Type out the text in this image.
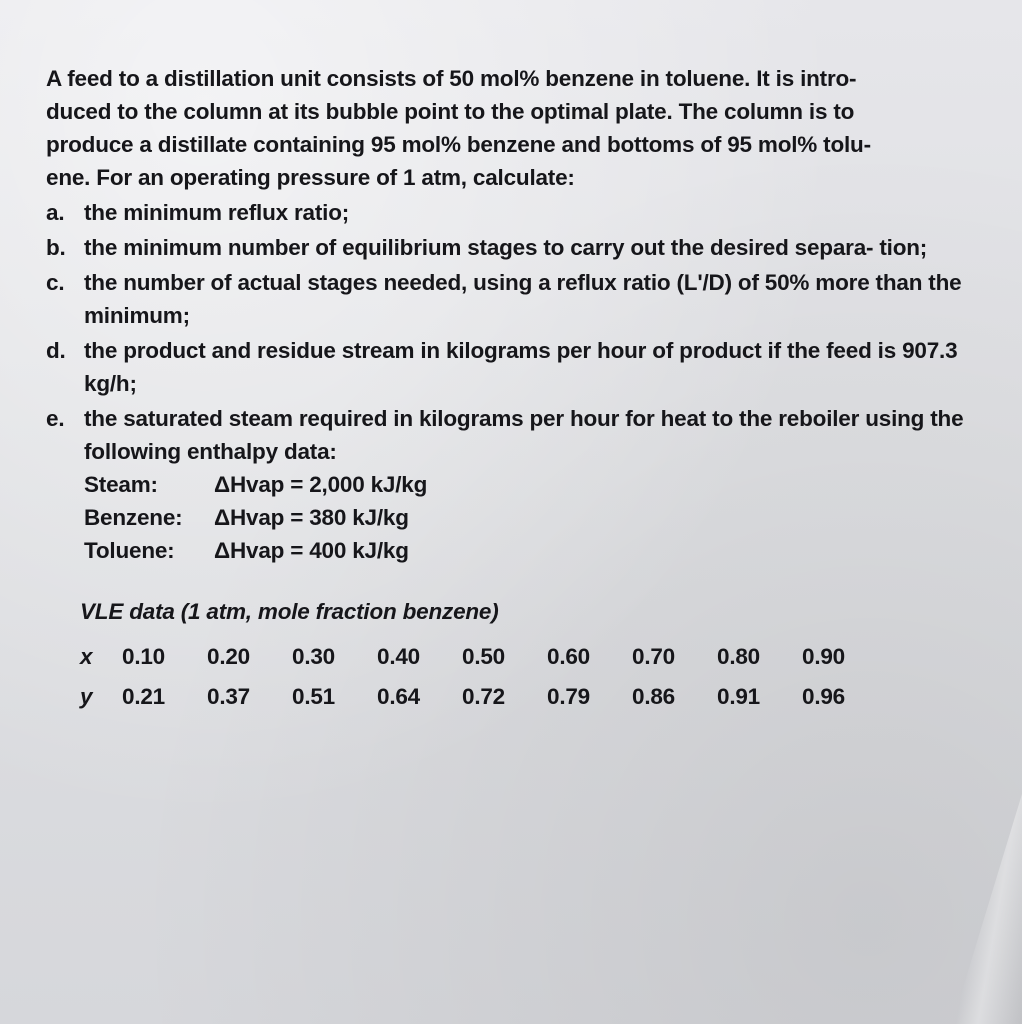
A feed to a distillation unit consists of 50 mol% benzene in toluene. It is intro-

duced to the column at its bubble point to the optimal plate. The column is to

produce a distillate containing 95 mol% benzene and bottoms of 95 mol% tolu-

ene. For an operating pressure of 1 atm, calculate:

a. the minimum reflux ratio;
b. the minimum number of equilibrium stages to carry out the desired separa- tion;
c. the number of actual stages needed, using a reflux ratio (L'/D) of 50% more than the minimum;
d. the product and residue stream in kilograms per hour of product if the feed is 907.3 kg/h;
e. the saturated steam required in kilograms per hour for heat to the reboiler using the following enthalpy data:
Steam:	ΔHvap = 2,000 kJ/kg
Benzene:	ΔHvap = 380 kJ/kg
Toluene:	ΔHvap = 400 kJ/kg
VLE data (1 atm, mole fraction benzene)
x	0.10	0.20	0.30	0.40	0.50	0.60	0.70	0.80	0.90
y	0.21	0.37	0.51	0.64	0.72	0.79	0.86	0.91	0.96
